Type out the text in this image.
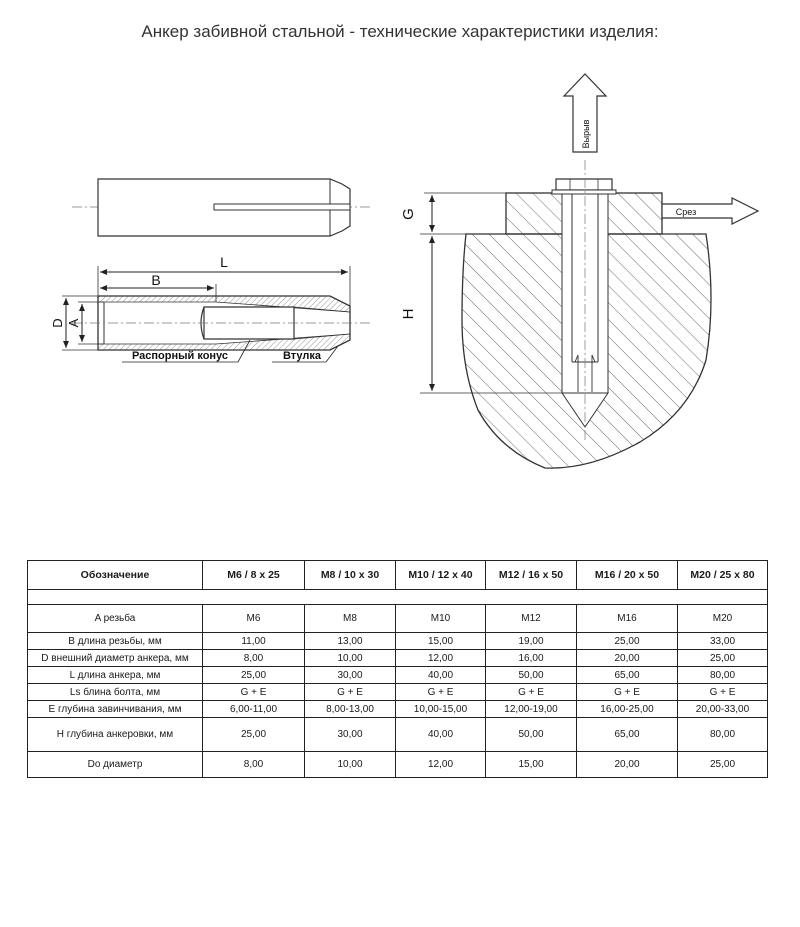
Анкер забивной стальной - технические характеристики изделия:
L
B
D A
Распорный конус	Втулка
Вырыв
Срез
G
H
Обозначение	M6 / 8 x 25	M8 / 10 x 30	M10 / 12 x 40	M12 / 16 x 50	M16 / 20 x 50	M20 / 25 x 80

A резьба	M6	M8	M10	M12	M16	M20
B длина резьбы, мм	11,00	13,00	15,00	19,00	25,00	33,00
D внешний диаметр анкера, мм	8,00	10,00	12,00	16,00	20,00	25,00
L длина анкера, мм	25,00	30,00	40,00	50,00	65,00	80,00
Ls блина болта, мм	G + E	G + E	G + E	G + E	G + E	G + E
E глубина завинчивания, мм	6,00-11,00	8,00-13,00	10,00-15,00	12,00-19,00	16,00-25,00	20,00-33,00
H глубина анкеровки, мм	25,00	30,00	40,00	50,00	65,00	80,00
Do диаметр	8,00	10,00	12,00	15,00	20,00	25,00
